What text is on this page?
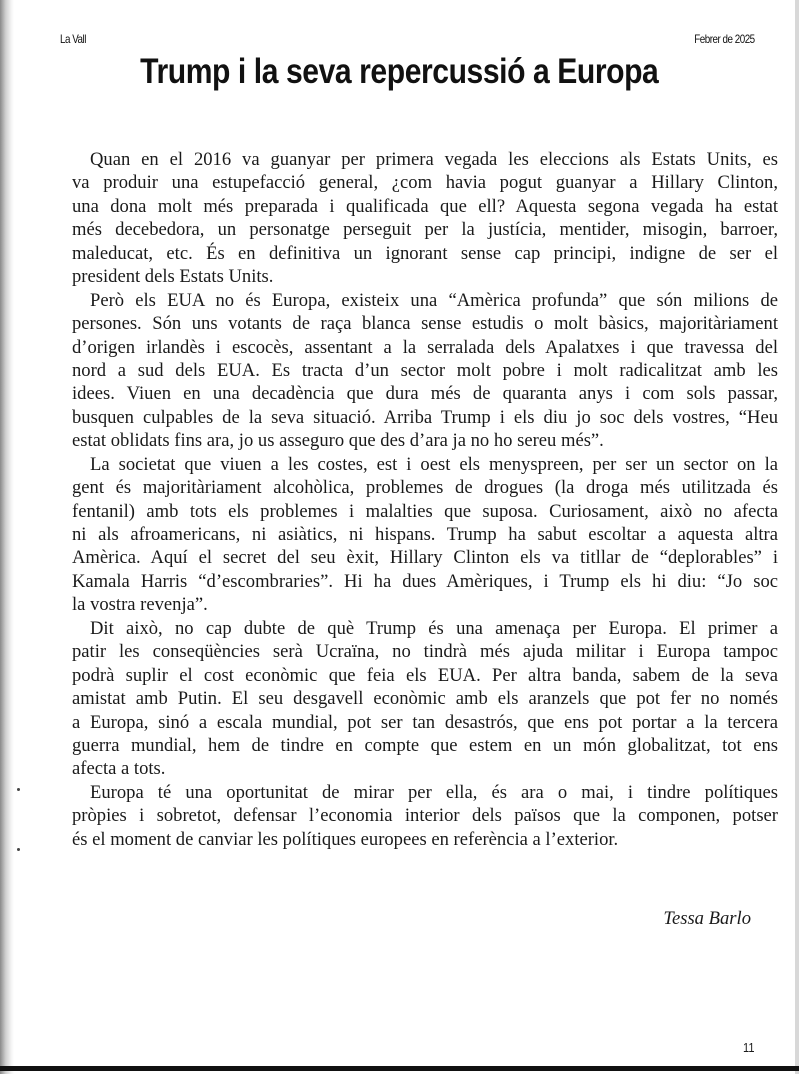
La Vall	Febrer de 2025
Trump i la seva repercussió a Europa
Quan en el 2016 va guanyar per primera vegada les eleccions als Estats Units, es
va produir una estupefacció general, ¿com havia pogut guanyar a Hillary Clinton,
una dona molt més preparada i qualificada que ell? Aquesta segona vegada ha estat
més decebedora, un personatge perseguit per la justícia, mentider, misogin, barroer,
maleducat, etc. És en definitiva un ignorant sense cap principi, indigne de ser el
president dels Estats Units.
Però els EUA no és Europa, existeix una “Amèrica profunda” que són milions de
persones. Són uns votants de raça blanca sense estudis o molt bàsics, majoritàriament
d’origen irlandès i escocès, assentant a la serralada dels Apalatxes i que travessa del
nord a sud dels EUA. Es tracta d’un sector molt pobre i molt radicalitzat amb les
idees. Viuen en una decadència que dura més de quaranta anys i com sols passar,
busquen culpables de la seva situació. Arriba Trump i els diu jo soc dels vostres, “Heu
estat oblidats fins ara, jo us asseguro que des d’ara ja no ho sereu més”.
La societat que viuen a les costes, est i oest els menyspreen, per ser un sector on la
gent és majoritàriament alcohòlica, problemes de drogues (la droga més utilitzada és
fentanil) amb tots els problemes i malalties que suposa. Curiosament, això no afecta
ni als afroamericans, ni asiàtics, ni hispans. Trump ha sabut escoltar a aquesta altra
Amèrica. Aquí el secret del seu èxit, Hillary Clinton els va titllar de “deplorables” i
Kamala Harris “d’escombraries”. Hi ha dues Amèriques, i Trump els hi diu: “Jo soc
la vostra revenja”.
Dit això, no cap dubte de què Trump és una amenaça per Europa. El primer a
patir les conseqüències serà Ucraïna, no tindrà més ajuda militar i Europa tampoc
podrà suplir el cost econòmic que feia els EUA. Per altra banda, sabem de la seva
amistat amb Putin. El seu desgavell econòmic amb els aranzels que pot fer no només
a Europa, sinó a escala mundial, pot ser tan desastrós, que ens pot portar a la tercera
guerra mundial, hem de tindre en compte que estem en un món globalitzat, tot ens
afecta a tots.
Europa té una oportunitat de mirar per ella, és ara o mai, i tindre polítiques
pròpies i sobretot, defensar l’economia interior dels països que la componen, potser
és el moment de canviar les polítiques europees en referència a l’exterior.
Tessa Barlo
11
